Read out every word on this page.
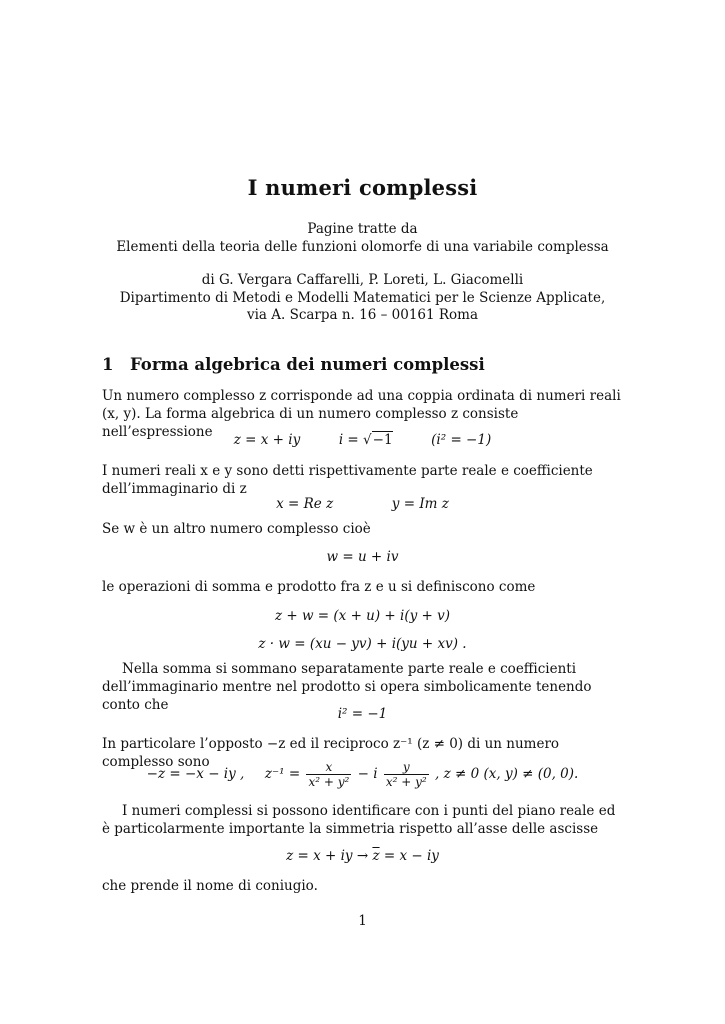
I numeri complessi
Pagine tratte da
Elementi della teoria delle funzioni olomorfe di una variabile complessa
di G. Vergara Caffarelli, P. Loreti, L. Giacomelli
Dipartimento di Metodi e Modelli Matematici per le Scienze Applicate,
via A. Scarpa n. 16 – 00161 Roma
1 Forma algebrica dei numeri complessi
Un numero complesso z corrisponde ad una coppia ordinata di numeri reali (x, y). La forma algebrica di un numero complesso z consiste nell’espressione	z = x + iy	i = √−1	(i² = −1)
I numeri reali x e y sono detti rispettivamente parte reale e coefficiente dell’immaginario di z
x = Re z	y = Im z
Se w è un altro numero complesso cioè
w = u + iv
le operazioni di somma e prodotto fra z e u si definiscono come
z + w = (x + u) + i(y + v)
z · w = (xu − yv) + i(yu + xv) .
Nella somma si sommano separatamente parte reale e coefficienti dell’immaginario mentre nel prodotto si opera simbolicamente tenendo conto che
i² = −1
In particolare l’opposto −z ed il reciproco z⁻¹ (z ≠ 0) di un numero complesso sono
−z = −x − iy , $z^{-1} = \frac{x}{\text{x² + y²}} - i \frac{y}{\text{x² + y²}}$ , z ≠ 0 (x, y) ≠ (0, 0).
I numeri complessi si possono identificare con i punti del piano reale ed è particolarmente importante la simmetria rispetto all’asse delle ascisse
z = x + iy → $\overline{z} = x$ − iy
che prende il nome di coniugio.
1
